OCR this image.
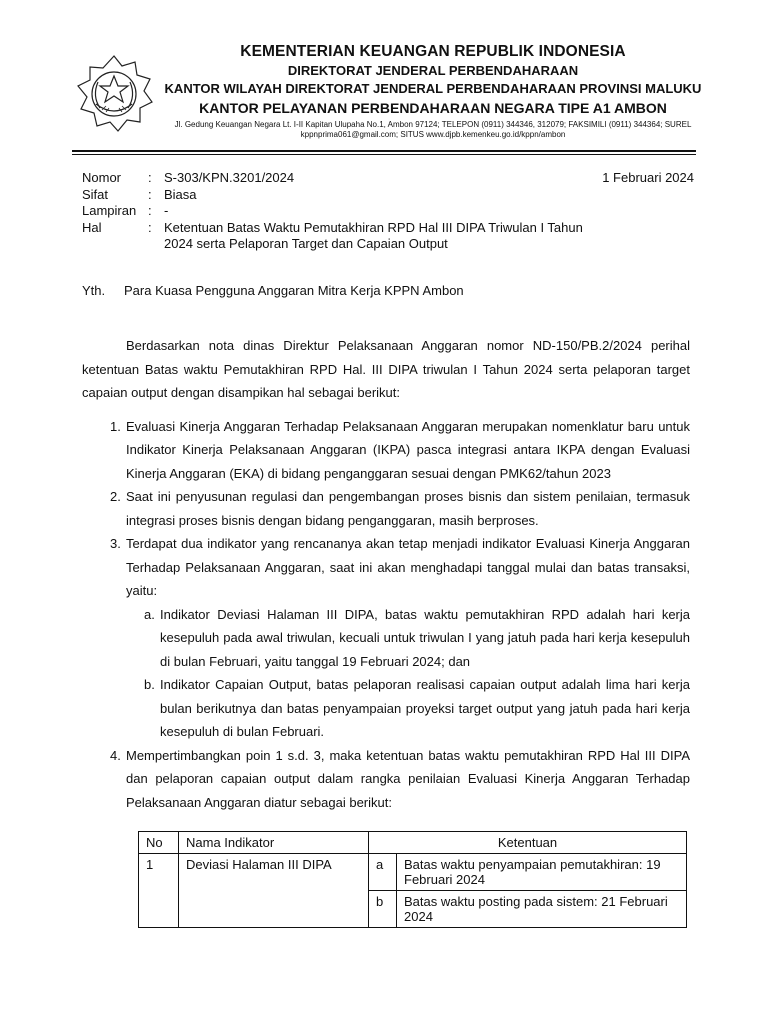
KEMENTERIAN KEUANGAN REPUBLIK INDONESIA
DIREKTORAT JENDERAL PERBENDAHARAAN
KANTOR WILAYAH DIREKTORAT JENDERAL PERBENDAHARAAN PROVINSI MALUKU
KANTOR PELAYANAN PERBENDAHARAAN NEGARA TIPE A1 AMBON
Jl. Gedung Keuangan Negara Lt. I-II Kapitan Ulupaha No.1, Ambon 97124; TELEPON (0911) 344346, 312079; FAKSIMILI (0911) 344364; SUREL kppnprima061@gmail.com; SITUS www.djpb.kemenkeu.go.id/kppn/ambon
1 Februari 2024
Nomor	: S-303/KPN.3201/2024
Sifat	: Biasa
Lampiran : -
Hal	: Ketentuan Batas Waktu Pemutakhiran RPD Hal III DIPA Triwulan I Tahun 2024 serta Pelaporan Target dan Capaian Output
Yth.	Para Kuasa Pengguna Anggaran Mitra Kerja KPPN Ambon

Berdasarkan nota dinas Direktur Pelaksanaan Anggaran nomor ND-150/PB.2/2024 perihal ketentuan Batas waktu Pemutakhiran RPD Hal. III DIPA triwulan I Tahun 2024 serta pelaporan target capaian output dengan disampikan hal sebagai berikut:

1. Evaluasi Kinerja Anggaran Terhadap Pelaksanaan Anggaran merupakan nomenklatur baru untuk Indikator Kinerja Pelaksanaan Anggaran (IKPA) pasca integrasi antara IKPA dengan Evaluasi Kinerja Anggaran (EKA) di bidang penganggaran sesuai dengan PMK62/tahun 2023
2. Saat ini penyusunan regulasi dan pengembangan proses bisnis dan sistem penilaian, termasuk integrasi proses bisnis dengan bidang penganggaran, masih berproses.
3. Terdapat dua indikator yang rencananya akan tetap menjadi indikator Evaluasi Kinerja Anggaran Terhadap Pelaksanaan Anggaran, saat ini akan menghadapi tanggal mulai dan batas transaksi, yaitu:
a. Indikator Deviasi Halaman III DIPA, batas waktu pemutakhiran RPD adalah hari kerja kesepuluh pada awal triwulan, kecuali untuk triwulan I yang jatuh pada hari kerja kesepuluh di bulan Februari, yaitu tanggal 19 Februari 2024; dan
b. Indikator Capaian Output, batas pelaporan realisasi capaian output adalah lima hari kerja bulan berikutnya dan batas penyampaian proyeksi target output yang jatuh pada hari kerja kesepuluh di bulan Februari.
4. Mempertimbangkan poin 1 s.d. 3, maka ketentuan batas waktu pemutakhiran RPD Hal III DIPA dan pelaporan capaian output dalam rangka penilaian Evaluasi Kinerja Anggaran Terhadap Pelaksanaan Anggaran diatur sebagai berikut:
No	Nama Indikator	Ketentuan	
1	Deviasi Halaman III DIPA	a	Batas waktu penyampaian pemutakhiran: 19 Februari 2024
		b	Batas waktu posting pada sistem: 21 Februari 2024
